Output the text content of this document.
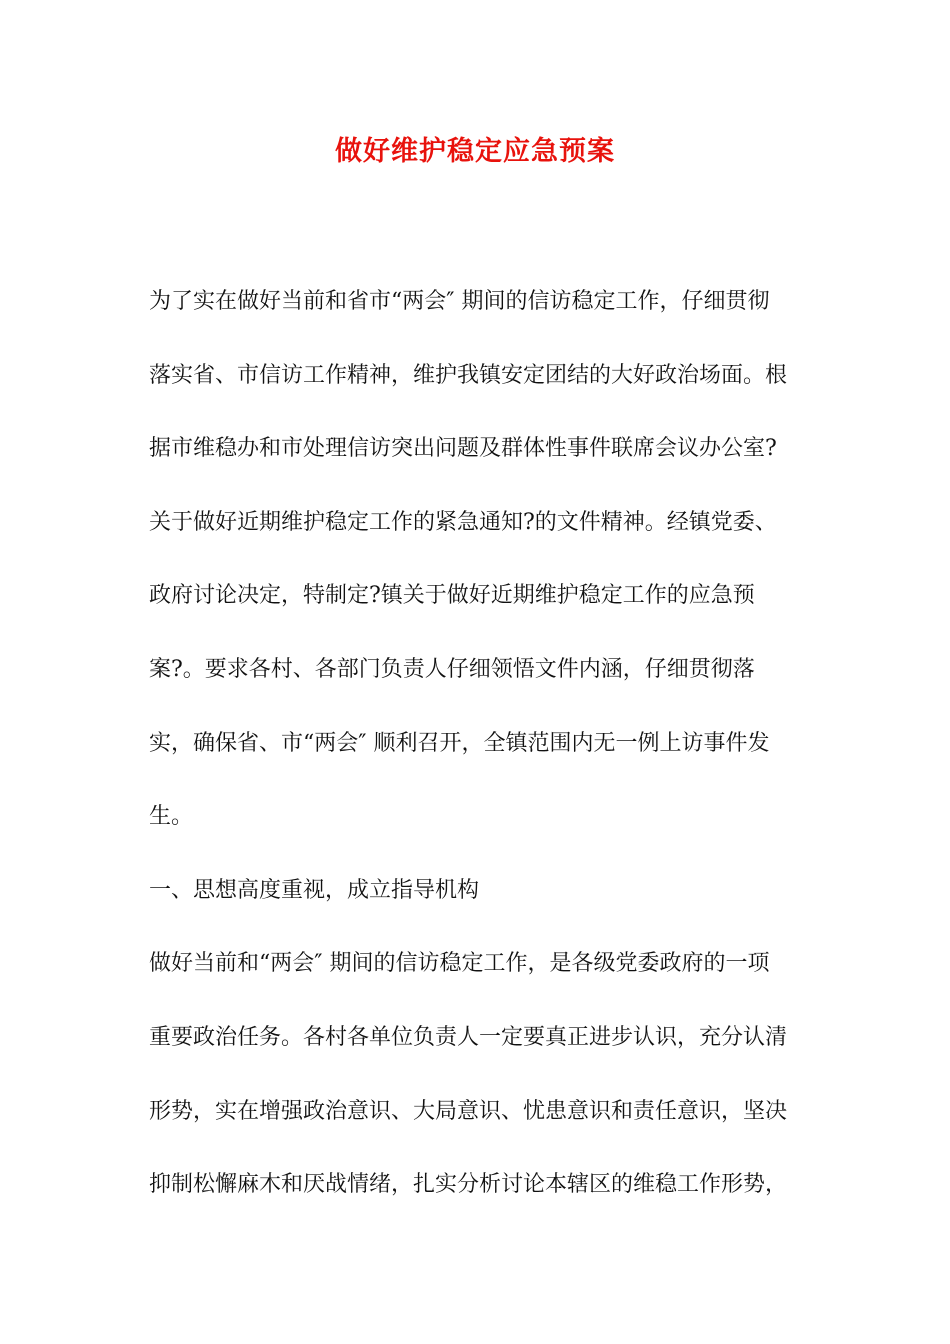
做好维护稳定应急预案
为了实在做好当前和省市“两会″ 期间的信访稳定工作，仔细贯彻
落实省、市信访工作精神，维护我镇安定团结的大好政治场面。根
据市维稳办和市处理信访突出问题及群体性事件联席会议办公室?
关于做好近期维护稳定工作的紧急通知?的文件精神。经镇党委、
政府讨论决定，特制定?镇关于做好近期维护稳定工作的应急预
案?。要求各村、各部门负责人仔细领悟文件内涵，仔细贯彻落
实，确保省、市“两会″ 顺利召开，全镇范围内无一例上访事件发
生。
一、思想高度重视，成立指导机构
做好当前和“两会″ 期间的信访稳定工作，是各级党委政府的一项
重要政治任务。各村各单位负责人一定要真正进步认识，充分认清
形势，实在增强政治意识、大局意识、忧患意识和责任意识，坚决
抑制松懈麻木和厌战情绪，扎实分析讨论本辖区的维稳工作形势，
